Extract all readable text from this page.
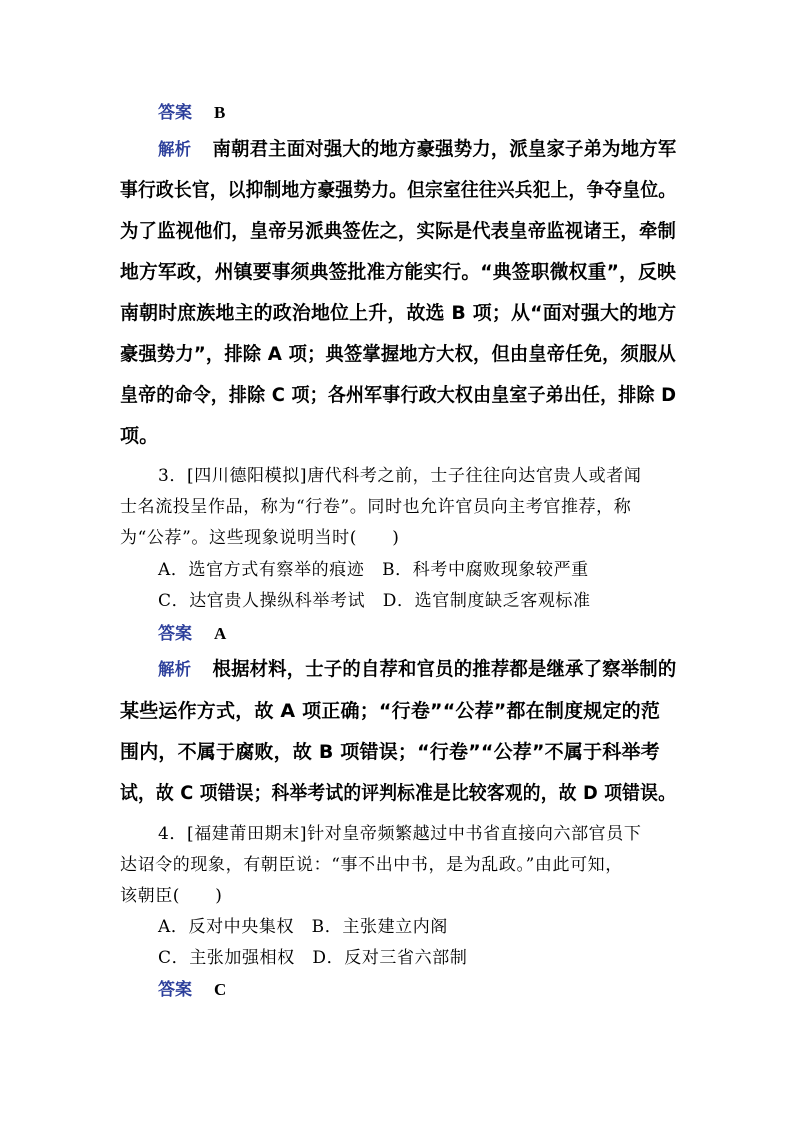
答案 B
解析 南朝君主面对强大的地方豪强势力，派皇家子弟为地方军
事行政长官，以抑制地方豪强势力。但宗室往往兴兵犯上，争夺皇位。
为了监视他们，皇帝另派典签佐之，实际是代表皇帝监视诸王，牵制
地方军政，州镇要事须典签批准方能实行。“典签职微权重”，反映
南朝时庶族地主的政治地位上升，故选 B 项；从“面对强大的地方
豪强势力”，排除 A 项；典签掌握地方大权，但由皇帝任免，须服从
皇帝的命令，排除 C 项；各州军事行政大权由皇室子弟出任，排除 D
项。
3．[四川德阳模拟]唐代科考之前，士子往往向达官贵人或者闻
士名流投呈作品，称为“行卷”。同时也允许官员向主考官推荐，称
为“公荐”。这些现象说明当时(　　)
A．选官方式有察举的痕迹　B．科考中腐败现象较严重
C．达官贵人操纵科举考试　D．选官制度缺乏客观标准
答案 A
解析 根据材料，士子的自荐和官员的推荐都是继承了察举制的
某些运作方式，故 A 项正确；“行卷”“公荐”都在制度规定的范
围内，不属于腐败，故 B 项错误；“行卷”“公荐”不属于科举考
试，故 C 项错误；科举考试的评判标准是比较客观的，故 D 项错误。
4．[福建莆田期末]针对皇帝频繁越过中书省直接向六部官员下
达诏令的现象，有朝臣说：“事不出中书，是为乱政。”由此可知，
该朝臣(　　)
A．反对中央集权　B．主张建立内阁
C．主张加强相权　D．反对三省六部制
答案 C
